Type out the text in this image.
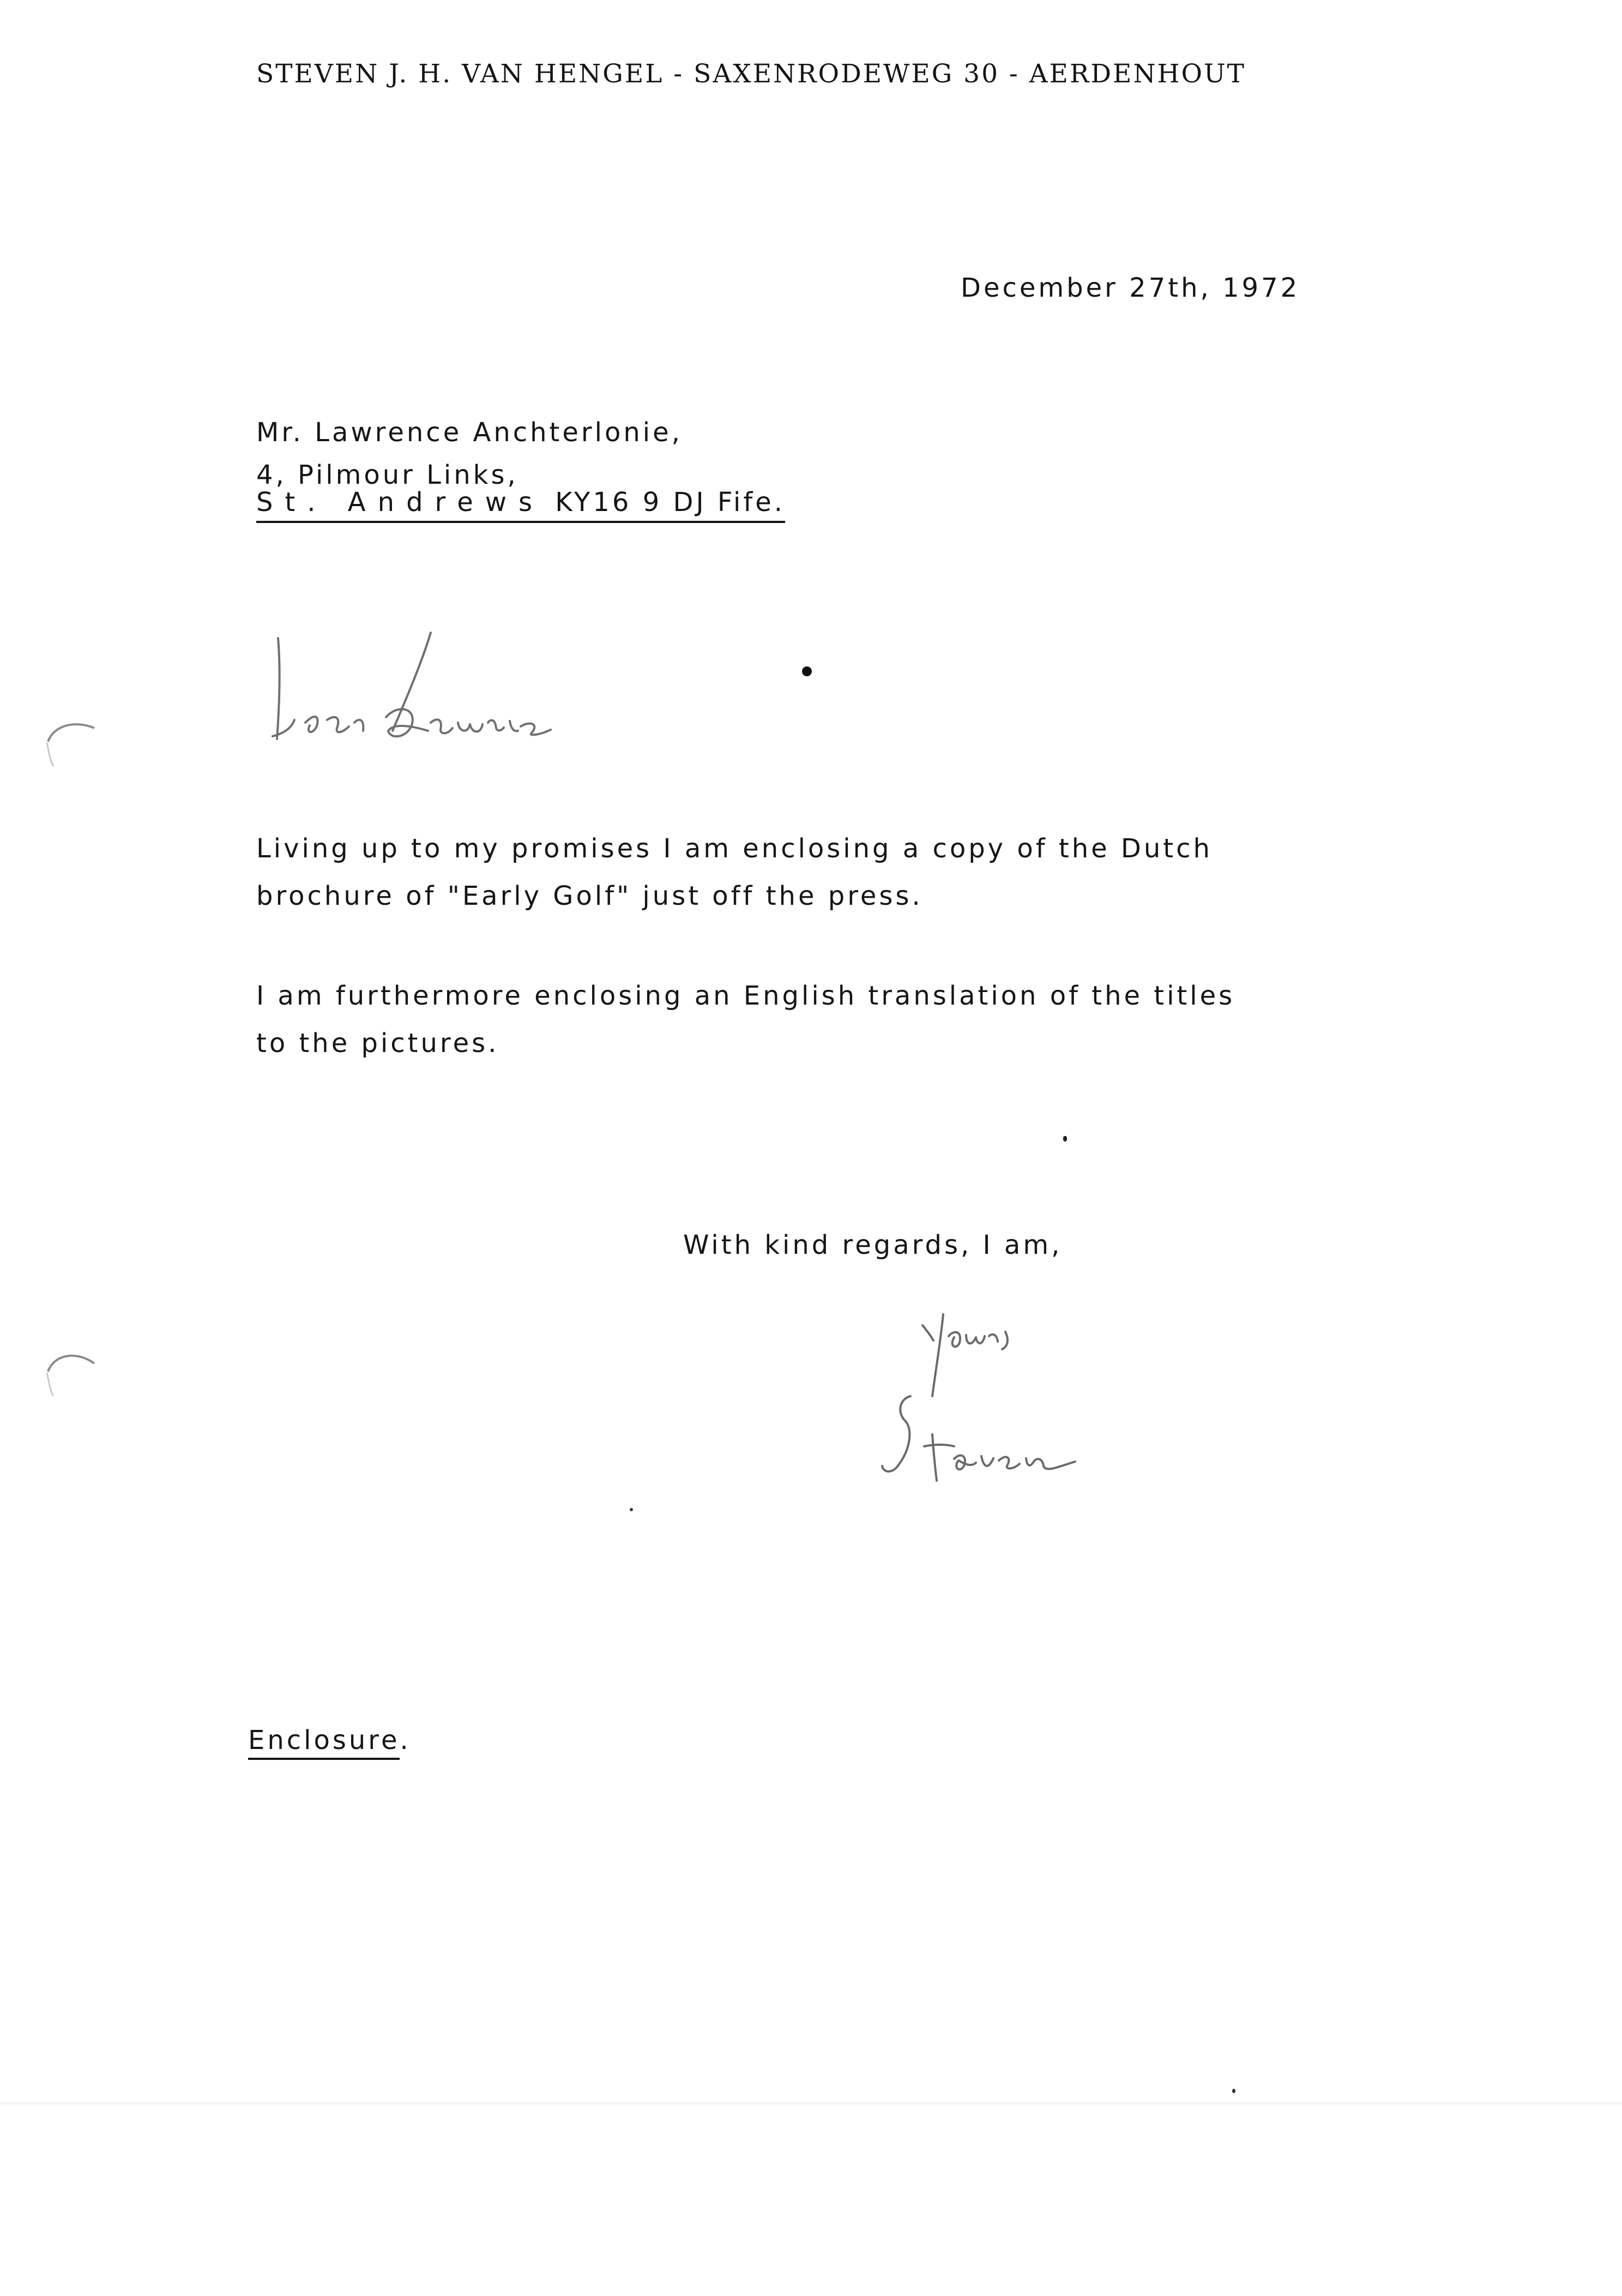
STEVEN J. H. VAN HENGEL - SAXENRODEWEG 30 - AERDENHOUT
December 27th, 1972
Mr. Lawrence Anchterlonie,
4, Pilmour Links,
St. Andrews KY16 9 DJ Fife.
Living up to my promises I am enclosing a copy of the Dutch
brochure of "Early Golf" just off the press.
I am furthermore enclosing an English translation of the titles
to the pictures.
With kind regards, I am,
Enclosure.
